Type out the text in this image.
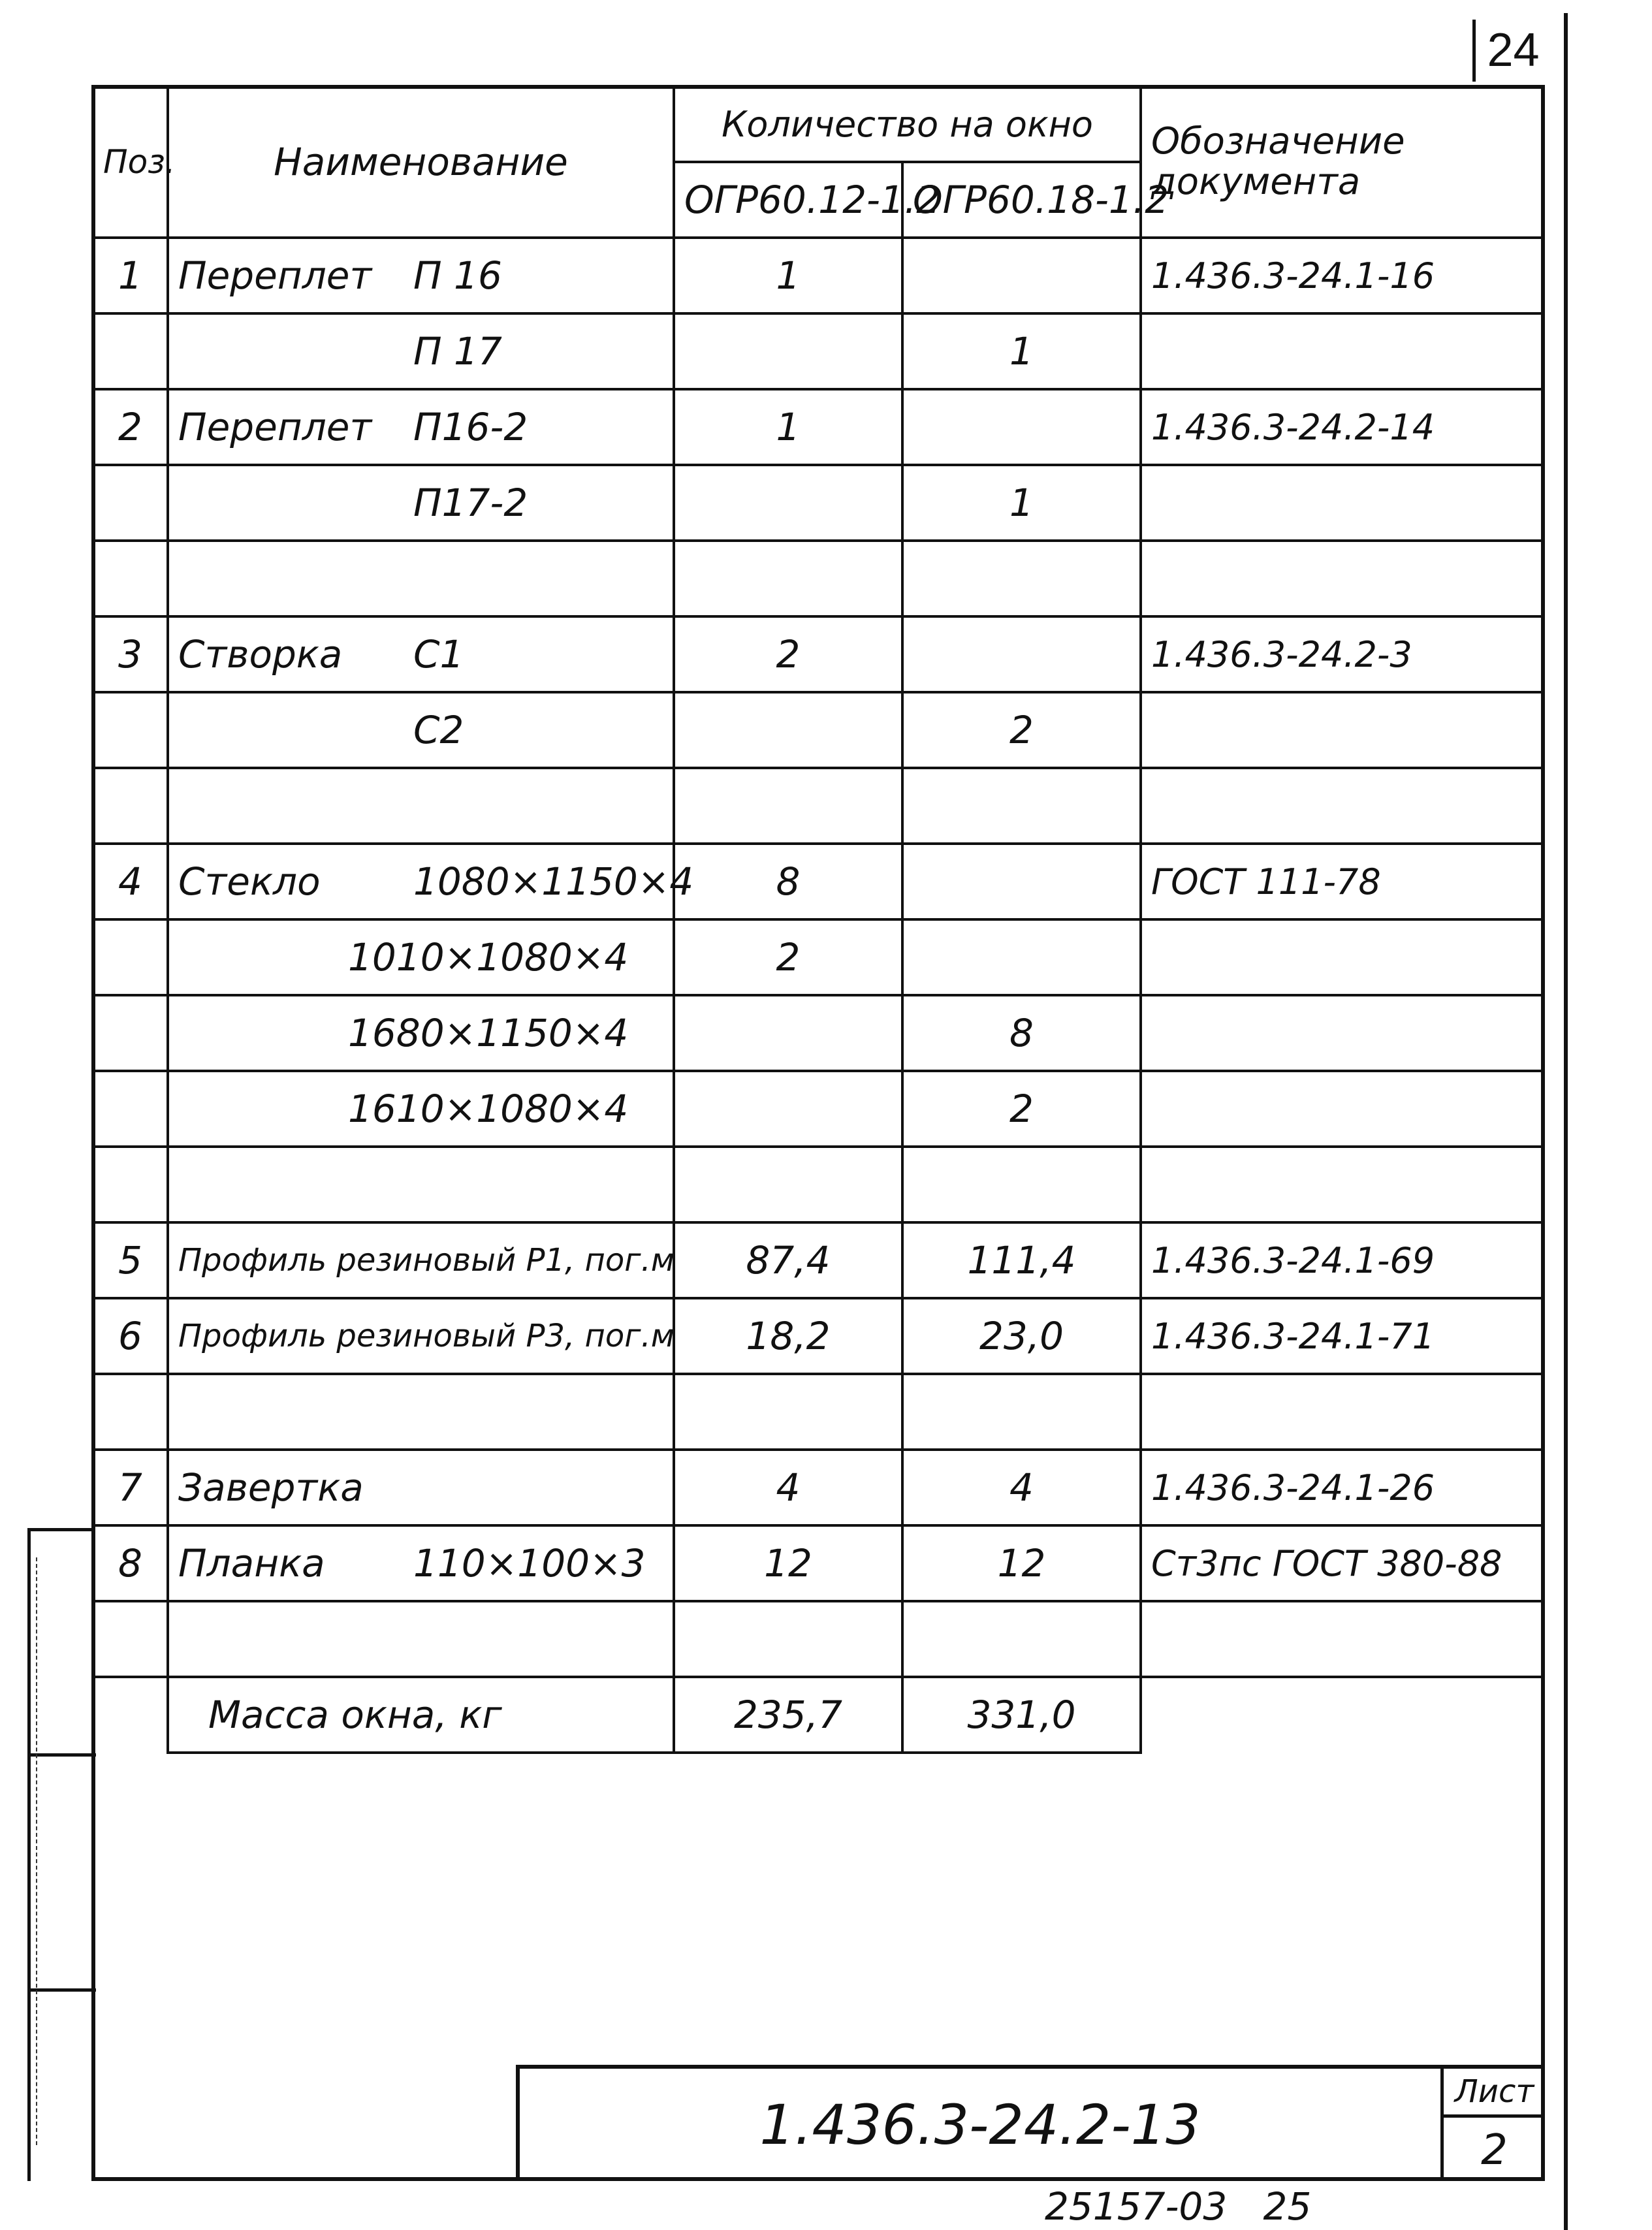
24
Поз.	Наименование	Количество на окно		Обозначение документа
		ОГР60.12-1.2	ОГР60.18-1.2	
1	Переплет П 16	1		1.436.3-24.1-16
	П 17		1	
2	Переплет П16-2	1		1.436.3-24.2-14
	П17-2		1	

3	Створка С1	2		1.436.3-24.2-3
	С2		2	

4	Стекло 1080×1150×4	8		ГОСТ 111-78
	1010×1080×4	2		
	1680×1150×4		8	
	1610×1080×4		2	

5	Профиль резиновый Р1, пог.м	87,4	111,4	1.436.3-24.1-69
6	Профиль резиновый Р3, пог.м	18,2	23,0	1.436.3-24.1-71

7	Завертка	4	4	1.436.3-24.1-26
8	Планка 110×100×3	12	12	Ст3пс ГОСТ 380-88

	Масса окна, кг	235,7	331,0	
1.436.3-24.2-13
Лист
2
25157-03   25
